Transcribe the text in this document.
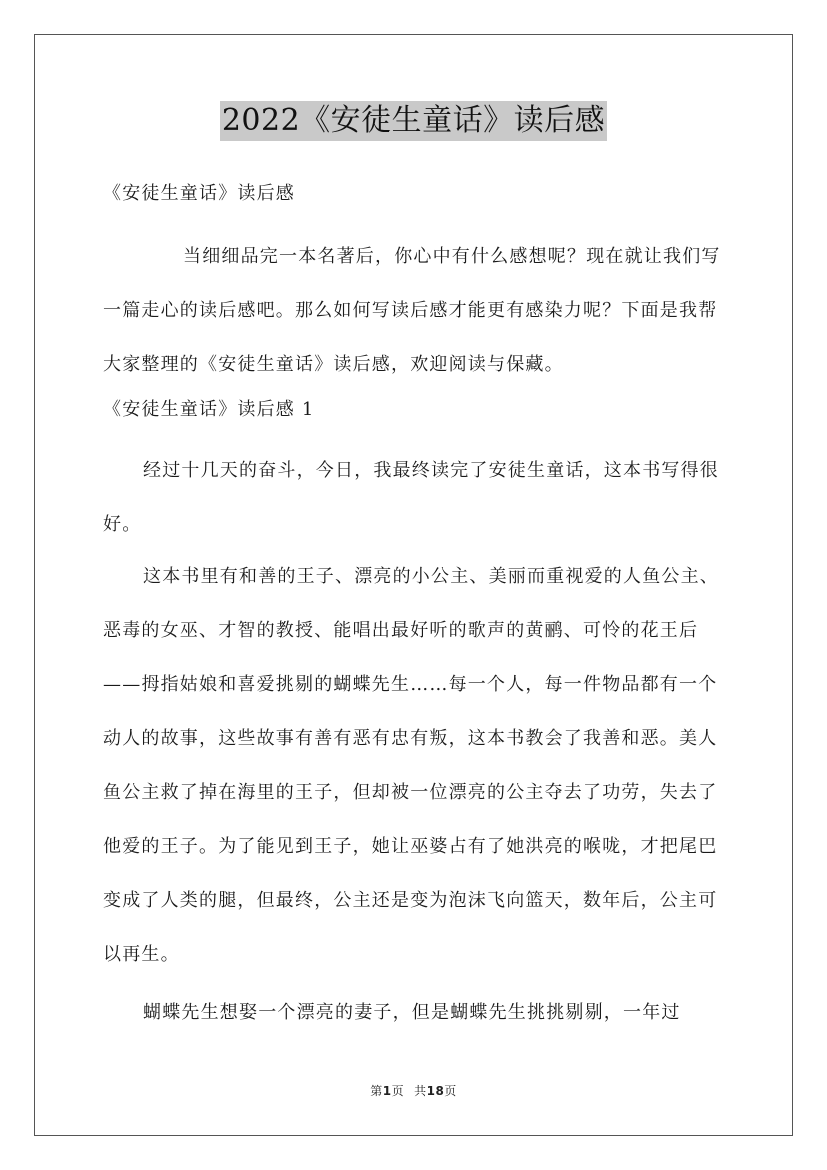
2022《安徒生童话》读后感

《安徒生童话》读后感

当细细品完一本名著后，你心中有什么感想呢？现在就让我们写一篇走心的读后感吧。那么如何写读后感才能更有感染力呢？下面是我帮大家整理的《安徒生童话》读后感，欢迎阅读与保藏。

《安徒生童话》读后感 1

经过十几天的奋斗，今日，我最终读完了安徒生童话，这本书写得很好。

这本书里有和善的王子、漂亮的小公主、美丽而重视爱的人鱼公主、恶毒的女巫、才智的教授、能唱出最好听的歌声的黄鹂、可怜的花王后——拇指姑娘和喜爱挑剔的蝴蝶先生……每一个人，每一件物品都有一个动人的故事，这些故事有善有恶有忠有叛，这本书教会了我善和恶。美人鱼公主救了掉在海里的王子，但却被一位漂亮的公主夺去了功劳，失去了他爱的王子。为了能见到王子，她让巫婆占有了她洪亮的喉咙，才把尾巴变成了人类的腿，但最终，公主还是变为泡沫飞向篮天，数年后，公主可以再生。

蝴蝶先生想娶一个漂亮的妻子，但是蝴蝶先生挑挑剔剔，一年过

第1页 共18页
